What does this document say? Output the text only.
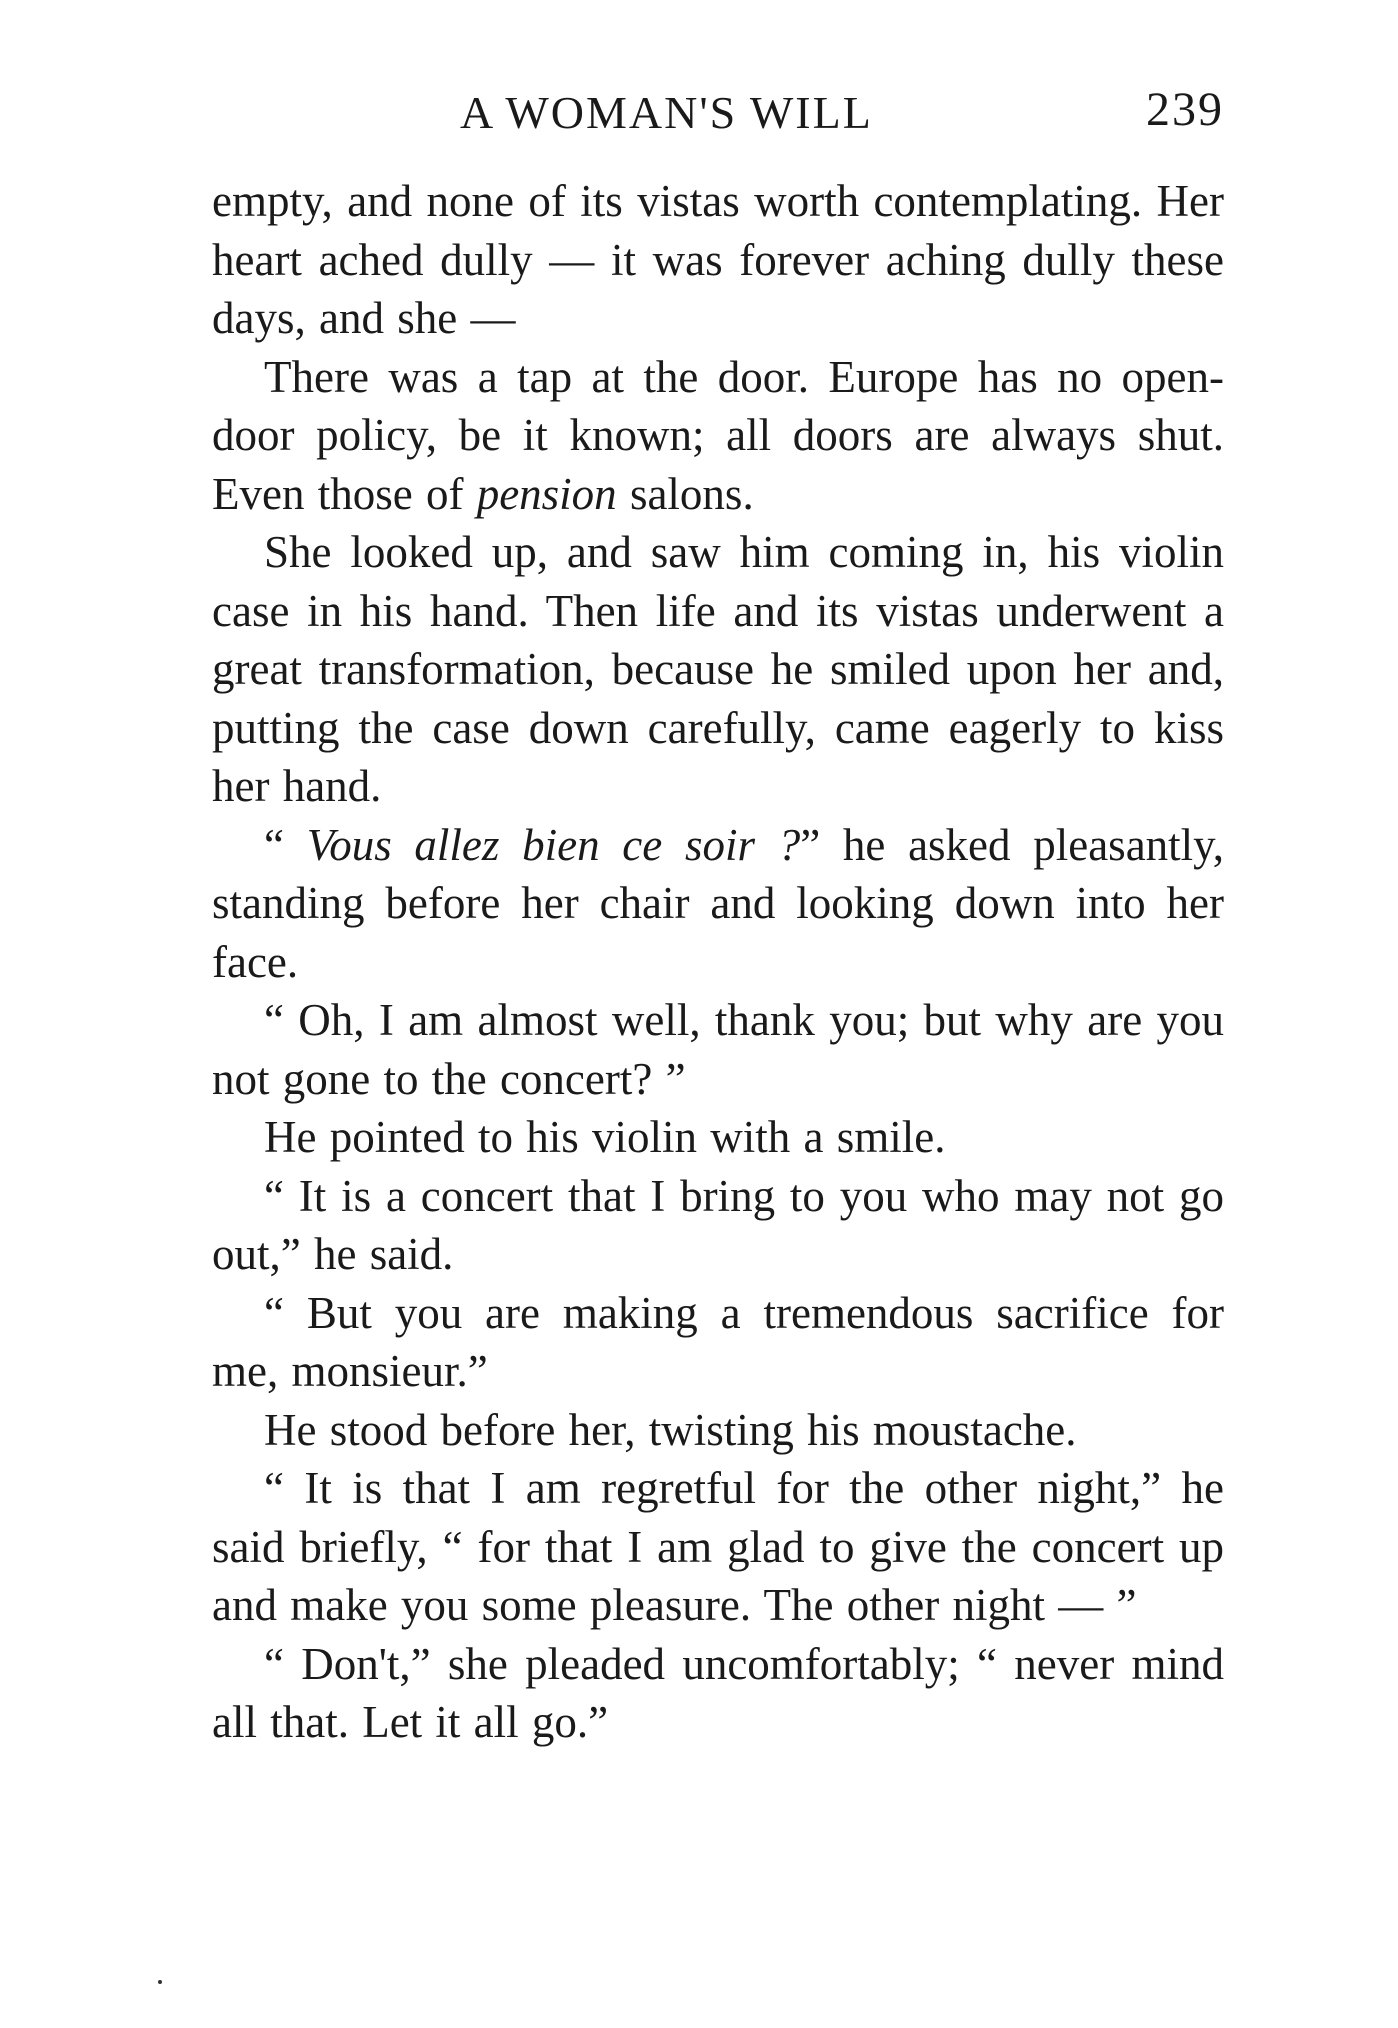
A WOMAN'S WILL	239

empty, and none of its vistas worth contemplating. Her heart ached dully — it was forever aching dully these days, and she —

There was a tap at the door. Europe has no open-door policy, be it known; all doors are always shut. Even those of pension salons.

She looked up, and saw him coming in, his violin case in his hand. Then life and its vistas underwent a great transformation, because he smiled upon her and, putting the case down carefully, came eagerly to kiss her hand.

“ Vous allez bien ce soir ?” he asked pleasantly, standing before her chair and looking down into her face.

“ Oh, I am almost well, thank you; but why are you not gone to the concert? ”

He pointed to his violin with a smile.

“ It is a concert that I bring to you who may not go out,” he said.

“ But you are making a tremendous sacrifice for me, monsieur.”

He stood before her, twisting his moustache.

“ It is that I am regretful for the other night,” he said briefly, “ for that I am glad to give the concert up and make you some pleasure. The other night — ”

“ Don't,” she pleaded uncomfortably; “ never mind all that. Let it all go.”
